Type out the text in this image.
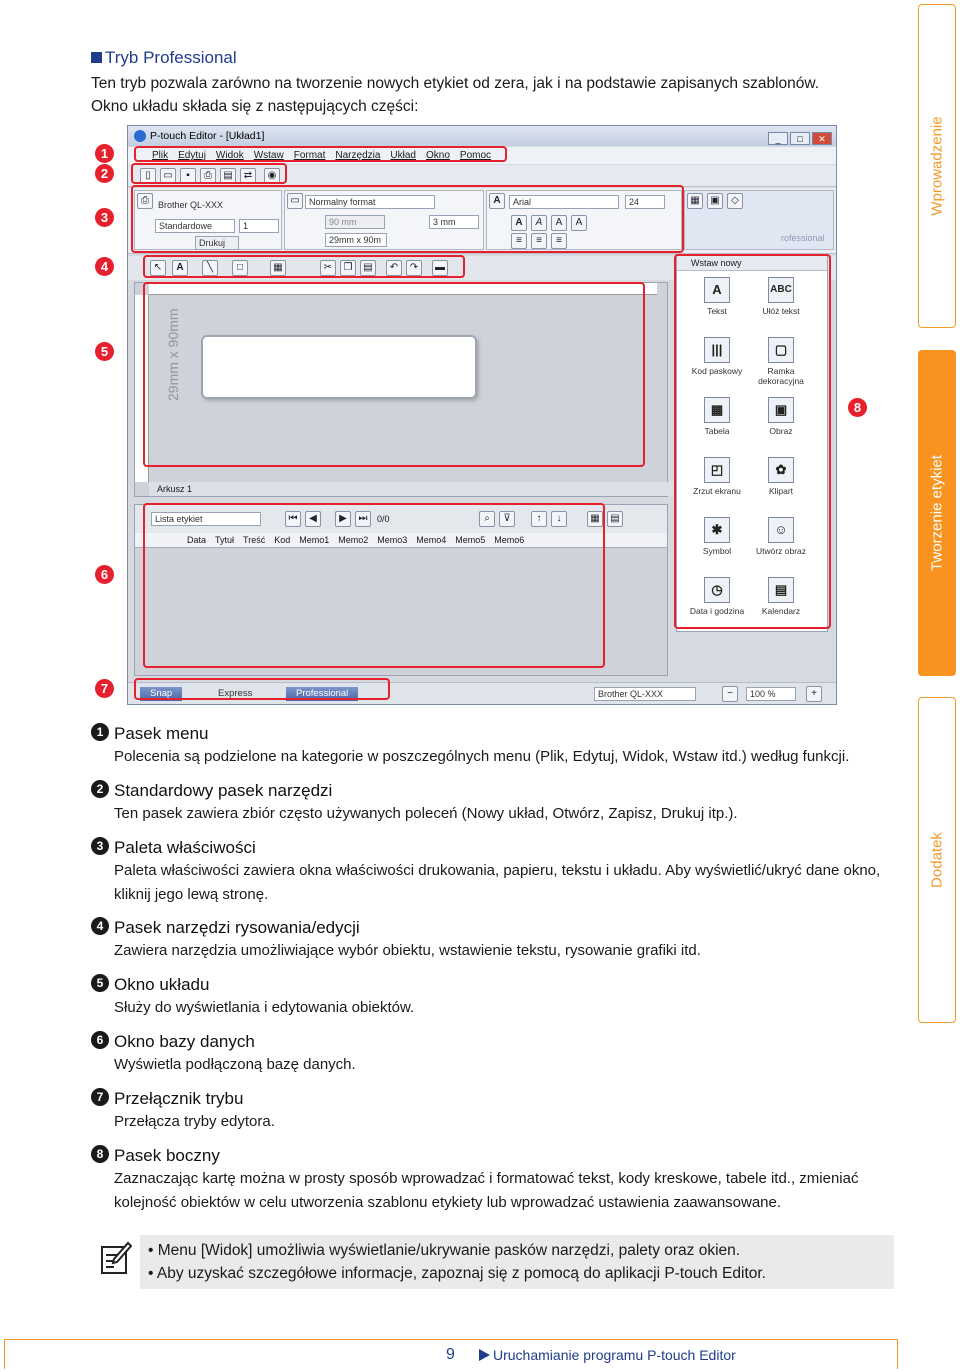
Tryb Professional
Ten tryb pozwala zarówno na tworzenie nowych etykiet od zera, jak i na podstawie zapisanych szablonów.
Okno układu składa się z następujących części:
Wprowadzenie
Tworzenie etykiet
Dodatek
P-touch Editor - [Układ1]	_ □ ✕
Plik Edytuj Widok Wstaw Format Narzędzia Układ Okno Pomoc
▯	▭	▪	⎙	▤	⇄	◉
⎙	Brother QL-XXX
Standardowe	1
Drukuj
▭	Normalny format
90 mm	3 mm
29mm x 90m
A	Arial	24
A	A	A	A
≡	≡	≡
▦	▣	◇
rofessional
↖	A	╲	□	▦	✂	❐	▤	↶	↷	▬
29mm x 90mm
Arkusz 1
Lista etykiet	⏮	◀	▶	⏭	0/0	⌕	⊽	↑	↓	▦	▤
Data Tytuł Treść Kod Memo1 Memo2 Memo3 Memo4 Memo5 Memo6
Wstaw nowy
A
Tekst
ABC
Ułóż tekst
|||
Kod paskowy
▢
Ramka dekoracyjna
▦
Tabela
▣
Obraz
◰
Zrzut ekranu
✿
Klipart
✱
Symbol
☺
Utwórz obraz
◷
Data i godzina
▤
Kalendarz
Snap	Express	Professional	Brother QL-XXX	−	100 %	+
1
2
3
4
5
6
7
8
1 Pasek menu
Polecenia są podzielone na kategorie w poszczególnych menu (Plik, Edytuj, Widok, Wstaw itd.) według funkcji.
2 Standardowy pasek narzędzi
Ten pasek zawiera zbiór często używanych poleceń (Nowy układ, Otwórz, Zapisz, Drukuj itp.).
3 Paleta właściwości
Paleta właściwości zawiera okna właściwości drukowania, papieru, tekstu i układu. Aby wyświetlić/ukryć dane okno, kliknij jego lewą stronę.
4 Pasek narzędzi rysowania/edycji
Zawiera narzędzia umożliwiające wybór obiektu, wstawienie tekstu, rysowanie grafiki itd.
5 Okno układu
Służy do wyświetlania i edytowania obiektów.
6 Okno bazy danych
Wyświetla podłączoną bazę danych.
7 Przełącznik trybu
Przełącza tryby edytora.
8 Pasek boczny
Zaznaczając kartę można w prosty sposób wprowadzać i formatować tekst, kody kreskowe, tabele itd., zmieniać kolejność obiektów w celu utworzenia szablonu etykiety lub wprowadzać ustawienia zaawansowane.
• Menu [Widok] umożliwia wyświetlanie/ukrywanie pasków narzędzi, palety oraz okien.
• Aby uzyskać szczegółowe informacje, zapoznaj się z pomocą do aplikacji P-touch Editor.
9	Uruchamianie programu P-touch Editor
